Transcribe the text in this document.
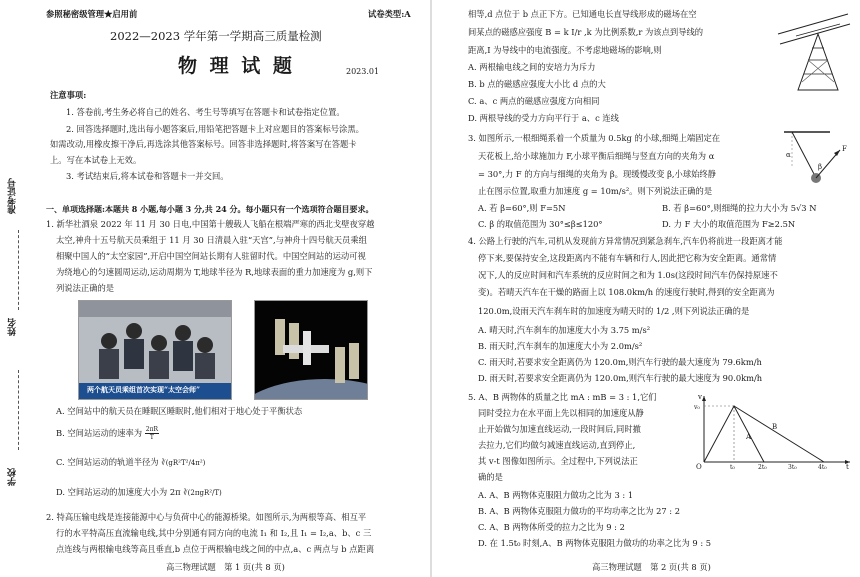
参照秘密级管理★启用前	试卷类型:A
2022—2023 学年第一学期高三质量检测
物 理 试 题	2023.01
准考证号
姓名
学校
注意事项:
1. 答卷前,考生务必将自己的姓名、考生号等填写在答题卡和试卷指定位置。
2. 回答选择题时,选出每小题答案后,用铅笔把答题卡上对应题目的答案标号涂黑。
如需改动,用橡皮擦干净后,再选涂其他答案标号。回答非选择题时,将答案写在答题卡
上。写在本试卷上无效。
3. 考试结束后,将本试卷和答题卡一并交回。
一、单项选择题:本题共 8 小题,每小题 3 分,共 24 分。每小题只有一个选项符合题目要求。
1. 新华社酒泉 2022 年 11 月 30 日电,中国第十艘载人飞船在根端严寒的西北戈壁夜穿越
太空,神舟十五号航天员乘组于 11 月 30 日清晨入驻“天宫”,与神舟十四号航天员乘组
相聚中国人的“太空家园”,开启中国空间站长期有人驻留时代。中国空间站的运动可视
为绕地心的匀速圆周运动,运动周期为 T,地球半径为 R,地球表面的重力加速度为 g,则下
列说法正确的是
两个航天员乘组首次实现“太空会师”
A. 空间站中的航天员在睡眠区睡眠时,他们相对于地心处于平衡状态
B. 空间站运动的速率为 $\frac{2\pi R}{T}$
C. 空间站运动的轨道半径为 ∛(gR²T²/4π²)
D. 空间站运动的加速度大小为 2π ∛(2πgR²/T)
2. 特高压输电线是连接能源中心与负荷中心的能源桥梁。如图所示,为两根等高、相互平
行的水平特高压直流输电线,其中分别通有同方向的电流 I₁ 和 I₂,且 I₁ = I₂,a、b、c 三
点连线与两根输电线等高且垂直,b 点位于两根输电线之间的中点,a、c 两点与 b 点距离
高三物理试题　第 1 页(共 8 页)
相等,d 点位于 b 点正下方。已知通电长直导线形成的磁场在空
间某点的磁感应强度 B = k I/r ,k 为比例系数,r 为该点到导线的
距离,I 为导线中的电流强度。不考虑地磁场的影响,则
A. 两根输电线之间的安培力为斥力
B. b 点的磁感应强度大小比 d 点的大
C. a、c 两点的磁感应强度方向相同
D. 两根导线的受力方向平行于 a、c 连线
3. 如图所示,一根细绳系着一个质量为 0.5kg 的小球,细绳上端固定在
天花板上,给小球施加力 F,小球平衡后细绳与竖直方向的夹角为 α
= 30°,力 F 的方向与细绳的夹角为 β。现缓慢改变 β,小球始终静
止在图示位置,取重力加速度 g = 10m/s²。则下列说法正确的是
α
β
F
A. 若 β=60°,则 F=5N	B. 若 β=60°,则细绳的拉力大小为 5√3 N
C. β 的取值范围为 30°≤β≤120°	D. 力 F 大小的取值范围为 F≥2.5N
4. 公路上行驶的汽车,司机从发现前方异常情况到紧急刹车,汽车仍将前进一段距离才能
停下来,要保持安全,这段距离内不能有车辆和行人,因此把它称为安全距离。通常情
况下,人的反应时间和汽车系统的反应时间之和为 1.0s(这段时间汽车仍保持原速不
变)。若晴天汽车在干燥的路面上以 108.0km/h 的速度行驶时,得到的安全距离为
120.0m,设雨天汽车刹车时的加速度为晴天时的 1/2 ,则下列说法正确的是
A. 晴天时,汽车刹车的加速度大小为 3.75 m/s²
B. 雨天时,汽车刹车的加速度大小为 2.0m/s²
C. 雨天时,若要求安全距离仍为 120.0m,则汽车行驶的最大速度为 79.6km/h
D. 雨天时,若要求安全距离仍为 120.0m,则汽车行驶的最大速度为 90.0km/h
5. A、B 两物体的质量之比 mA : mB = 3 : 1,它们
同时受拉力在水平面上先以相同的加速度从静
止开始做匀加速直线运动,一段时间后,同时撤
去拉力,它们均做匀减速直线运动,直到停止,
其 v-t 图像如图所示。全过程中,下列说法正
确的是
A. A、B 两物体克服阻力做功之比为 3 : 1
B. A、B 两物体克服阻力做功的平均功率之比为 27 : 2
C. A、B 两物体所受的拉力之比为 9 : 2
D. 在 1.5t₀ 时刻,A、B 两物体克服阻力做功的功率之比为 9 : 5
v
v₀
A
B
O	t
t₀	2t₀	3t₀	4t₀
高三物理试题　第 2 页(共 8 页)
